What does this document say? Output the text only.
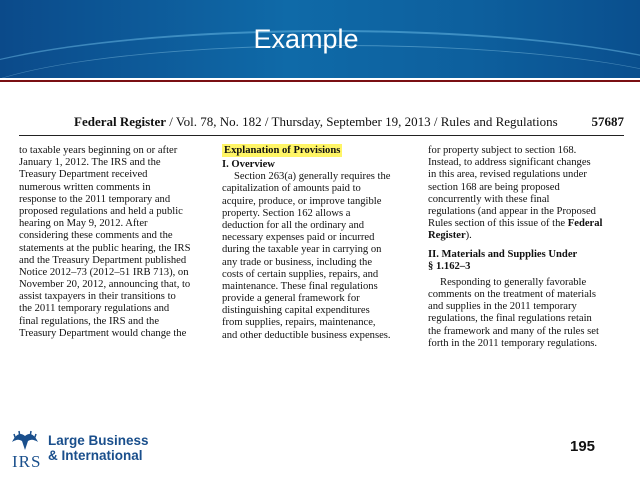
Example
Federal Register / Vol. 78, No. 182 / Thursday, September 19, 2013 / Rules and Regulations	57687
to taxable years beginning on or after
January 1, 2012. The IRS and the
Treasury Department received
numerous written comments in
response to the 2011 temporary and
proposed regulations and held a public
hearing on May 9, 2012. After
considering these comments and the
statements at the public hearing, the IRS
and the Treasury Department published
Notice 2012–73 (2012–51 IRB 713), on
November 20, 2012, announcing that, to
assist taxpayers in their transitions to
the 2011 temporary regulations and
final regulations, the IRS and the
Treasury Department would change the
Explanation of Provisions
I. Overview
Section 263(a) generally requires the
capitalization of amounts paid to
acquire, produce, or improve tangible
property. Section 162 allows a
deduction for all the ordinary and
necessary expenses paid or incurred
during the taxable year in carrying on
any trade or business, including the
costs of certain supplies, repairs, and
maintenance. These final regulations
provide a general framework for
distinguishing capital expenditures
from supplies, repairs, maintenance,
and other deductible business expenses.
for property subject to section 168.
Instead, to address significant changes
in this area, revised regulations under
section 168 are being proposed
concurrently with these final
regulations (and appear in the Proposed
Rules section of this issue of the Federal
Register).
II. Materials and Supplies Under
§ 1.162–3
Responding to generally favorable
comments on the treatment of materials
and supplies in the 2011 temporary
regulations, the final regulations retain
the framework and many of the rules set
forth in the 2011 temporary regulations.
IRS
Large Business
& International
195
